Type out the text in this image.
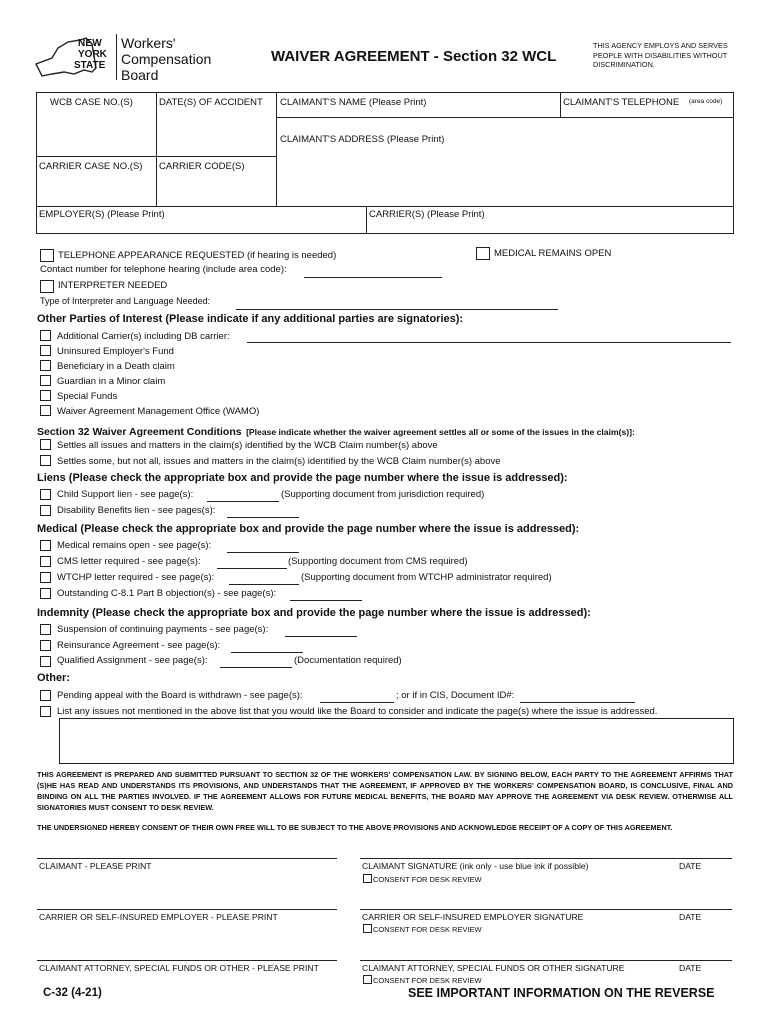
NEW
YORK
STATE
Workers'
Compensation
Board
WAIVER AGREEMENT - Section 32 WCL
THIS AGENCY EMPLOYS AND SERVES
PEOPLE WITH DISABILITIES WITHOUT
DISCRIMINATION.
WCB CASE NO.(S)	DATE(S) OF ACCIDENT CLAIMANT'S NAME (Please Print)	CLAIMANT'S TELEPHONE (area code)
CLAIMANT'S ADDRESS (Please Print)
CARRIER CASE NO.(S) CARRIER CODE(S)
EMPLOYER(S) (Please Print)	CARRIER(S) (Please Print)
TELEPHONE APPEARANCE REQUESTED (if hearing is needed)	MEDICAL REMAINS OPEN
Contact number for telephone hearing (include area code):
INTERPRETER NEEDED
Type of Interpreter and Language Needed:
Other Parties of Interest (Please indicate if any additional parties are signatories):
Additional Carrier(s) including DB carrier:
Uninsured Employer's Fund
Beneficiary in a Death claim
Guardian in a Minor claim
Special Funds
Waiver Agreement Management Office (WAMO)
Section 32 Waiver Agreement Conditions [Please indicate whether the waiver agreement settles all or some of the issues in the claim(s)]:
Settles all issues and matters in the claim(s) identified by the WCB Claim number(s) above
Settles some, but not all, issues and matters in the claim(s) identified by the WCB Claim number(s) above
Liens (Please check the appropriate box and provide the page number where the issue is addressed):
Child Support lien - see page(s):	(Supporting document from jurisdiction required)
Disability Benefits lien - see pages(s):
Medical (Please check the appropriate box and provide the page number where the issue is addressed):
Medical remains open - see page(s):
CMS letter required - see page(s):	(Supporting document from CMS required)
WTCHP letter required - see page(s):	(Supporting document from WTCHP administrator required)
Outstanding C-8.1 Part B objection(s) - see page(s):
Indemnity (Please check the appropriate box and provide the page number where the issue is addressed):
Suspension of continuing payments - see page(s):
Reinsurance Agreement - see page(s):
Qualified Assignment - see page(s):	(Documentation required)
Other:
Pending appeal with the Board is withdrawn - see page(s):	; or if in CIS, Document ID#:
List any issues not mentioned in the above list that you would like the Board to consider and indicate the page(s) where the issue is addressed.
THIS AGREEMENT IS PREPARED AND SUBMITTED PURSUANT TO SECTION 32 OF THE WORKERS' COMPENSATION LAW. BY SIGNING BELOW, EACH PARTY TO THE AGREEMENT AFFIRMS THAT (S)HE HAS READ AND UNDERSTANDS ITS PROVISIONS, AND UNDERSTANDS THAT THE AGREEMENT, IF APPROVED BY THE WORKERS' COMPENSATION BOARD, IS CONCLUSIVE, FINAL AND BINDING ON ALL THE PARTIES INVOLVED. IF THE AGREEMENT ALLOWS FOR FUTURE MEDICAL BENEFITS, THE BOARD MAY APPROVE THE AGREEMENT VIA DESK REVIEW. OTHERWISE ALL SIGNATORIES MUST CONSENT TO DESK REVIEW.
THE UNDERSIGNED HEREBY CONSENT OF THEIR OWN FREE WILL TO BE SUBJECT TO THE ABOVE PROVISIONS AND ACKNOWLEDGE RECEIPT OF A COPY OF THIS AGREEMENT.
CLAIMANT - PLEASE PRINT	CLAIMANT SIGNATURE (ink only - use blue ink if possible)	DATE
CONSENT FOR DESK REVIEW
CARRIER OR SELF-INSURED EMPLOYER - PLEASE PRINT	CARRIER OR SELF-INSURED EMPLOYER SIGNATURE	DATE
CONSENT FOR DESK REVIEW
CLAIMANT ATTORNEY, SPECIAL FUNDS OR OTHER - PLEASE PRINT	CLAIMANT ATTORNEY, SPECIAL FUNDS OR OTHER SIGNATURE	DATE
CONSENT FOR DESK REVIEW
C-32 (4-21)	SEE IMPORTANT INFORMATION ON THE REVERSE
